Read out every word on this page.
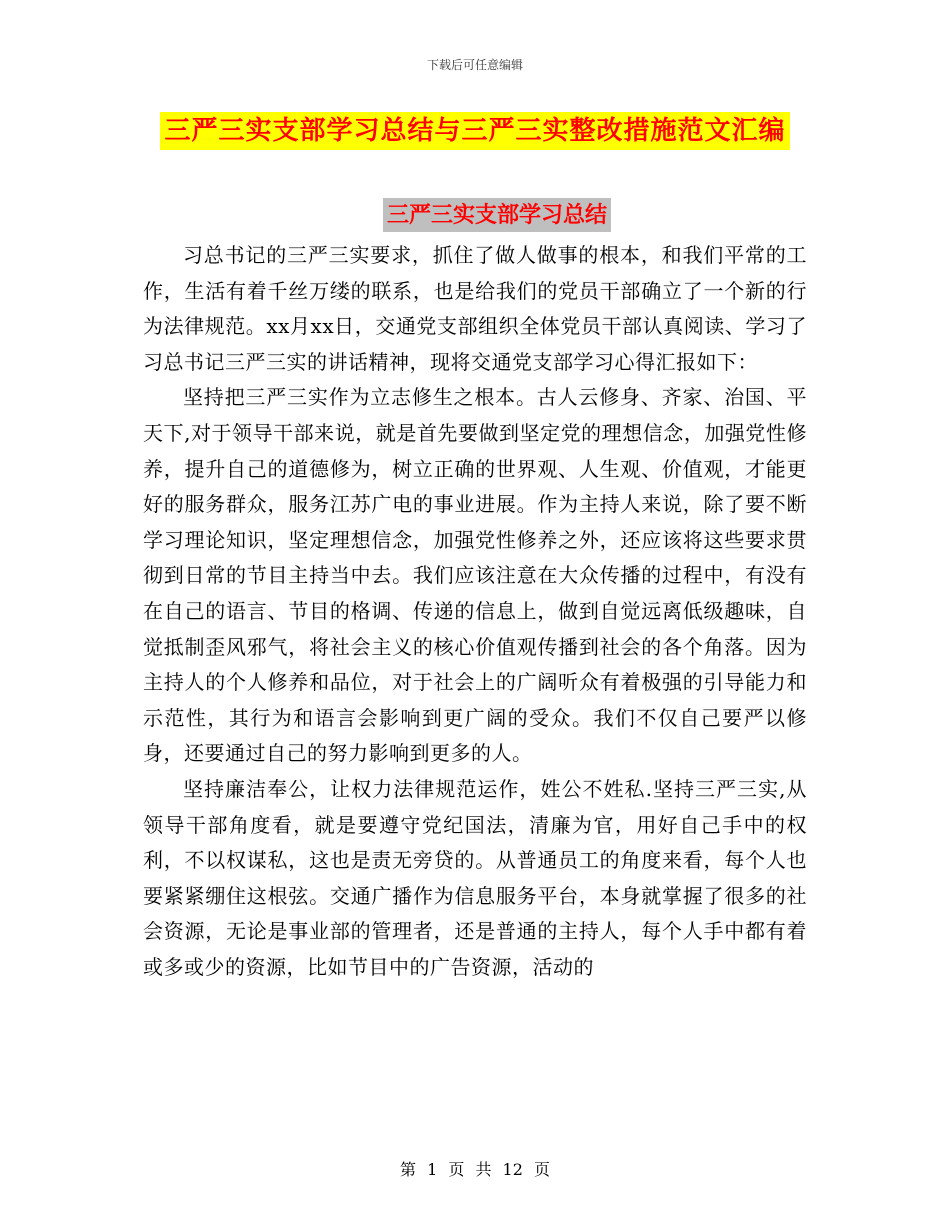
下载后可任意编辑
三严三实支部学习总结与三严三实整改措施范文汇编
三严三实支部学习总结

习总书记的三严三实要求，抓住了做人做事的根本，和我们平常的工作，生活有着千丝万缕的联系，也是给我们的党员干部确立了一个新的行为法律规范。xx月xx日，交通党支部组织全体党员干部认真阅读、学习了习总书记三严三实的讲话精神，现将交通党支部学习心得汇报如下：

坚持把三严三实作为立志修生之根本。古人云修身、齐家、治国、平天下,对于领导干部来说，就是首先要做到坚定党的理想信念，加强党性修养，提升自己的道德修为，树立正确的世界观、人生观、价值观，才能更好的服务群众，服务江苏广电的事业进展。作为主持人来说，除了要不断学习理论知识，坚定理想信念，加强党性修养之外，还应该将这些要求贯彻到日常的节目主持当中去。我们应该注意在大众传播的过程中，有没有在自己的语言、节目的格调、传递的信息上，做到自觉远离低级趣味，自觉抵制歪风邪气，将社会主义的核心价值观传播到社会的各个角落。因为主持人的个人修养和品位，对于社会上的广阔听众有着极强的引导能力和示范性，其行为和语言会影响到更广阔的受众。我们不仅自己要严以修身，还要通过自己的努力影响到更多的人。

坚持廉洁奉公，让权力法律规范运作，姓公不姓私.坚持三严三实,从领导干部角度看，就是要遵守党纪国法，清廉为官，用好自己手中的权利，不以权谋私，这也是责无旁贷的。从普通员工的角度来看，每个人也要紧紧绷住这根弦。交通广播作为信息服务平台，本身就掌握了很多的社会资源，无论是事业部的管理者，还是普通的主持人，每个人手中都有着或多或少的资源，比如节目中的广告资源，活动的

第 1 页 共 12 页
